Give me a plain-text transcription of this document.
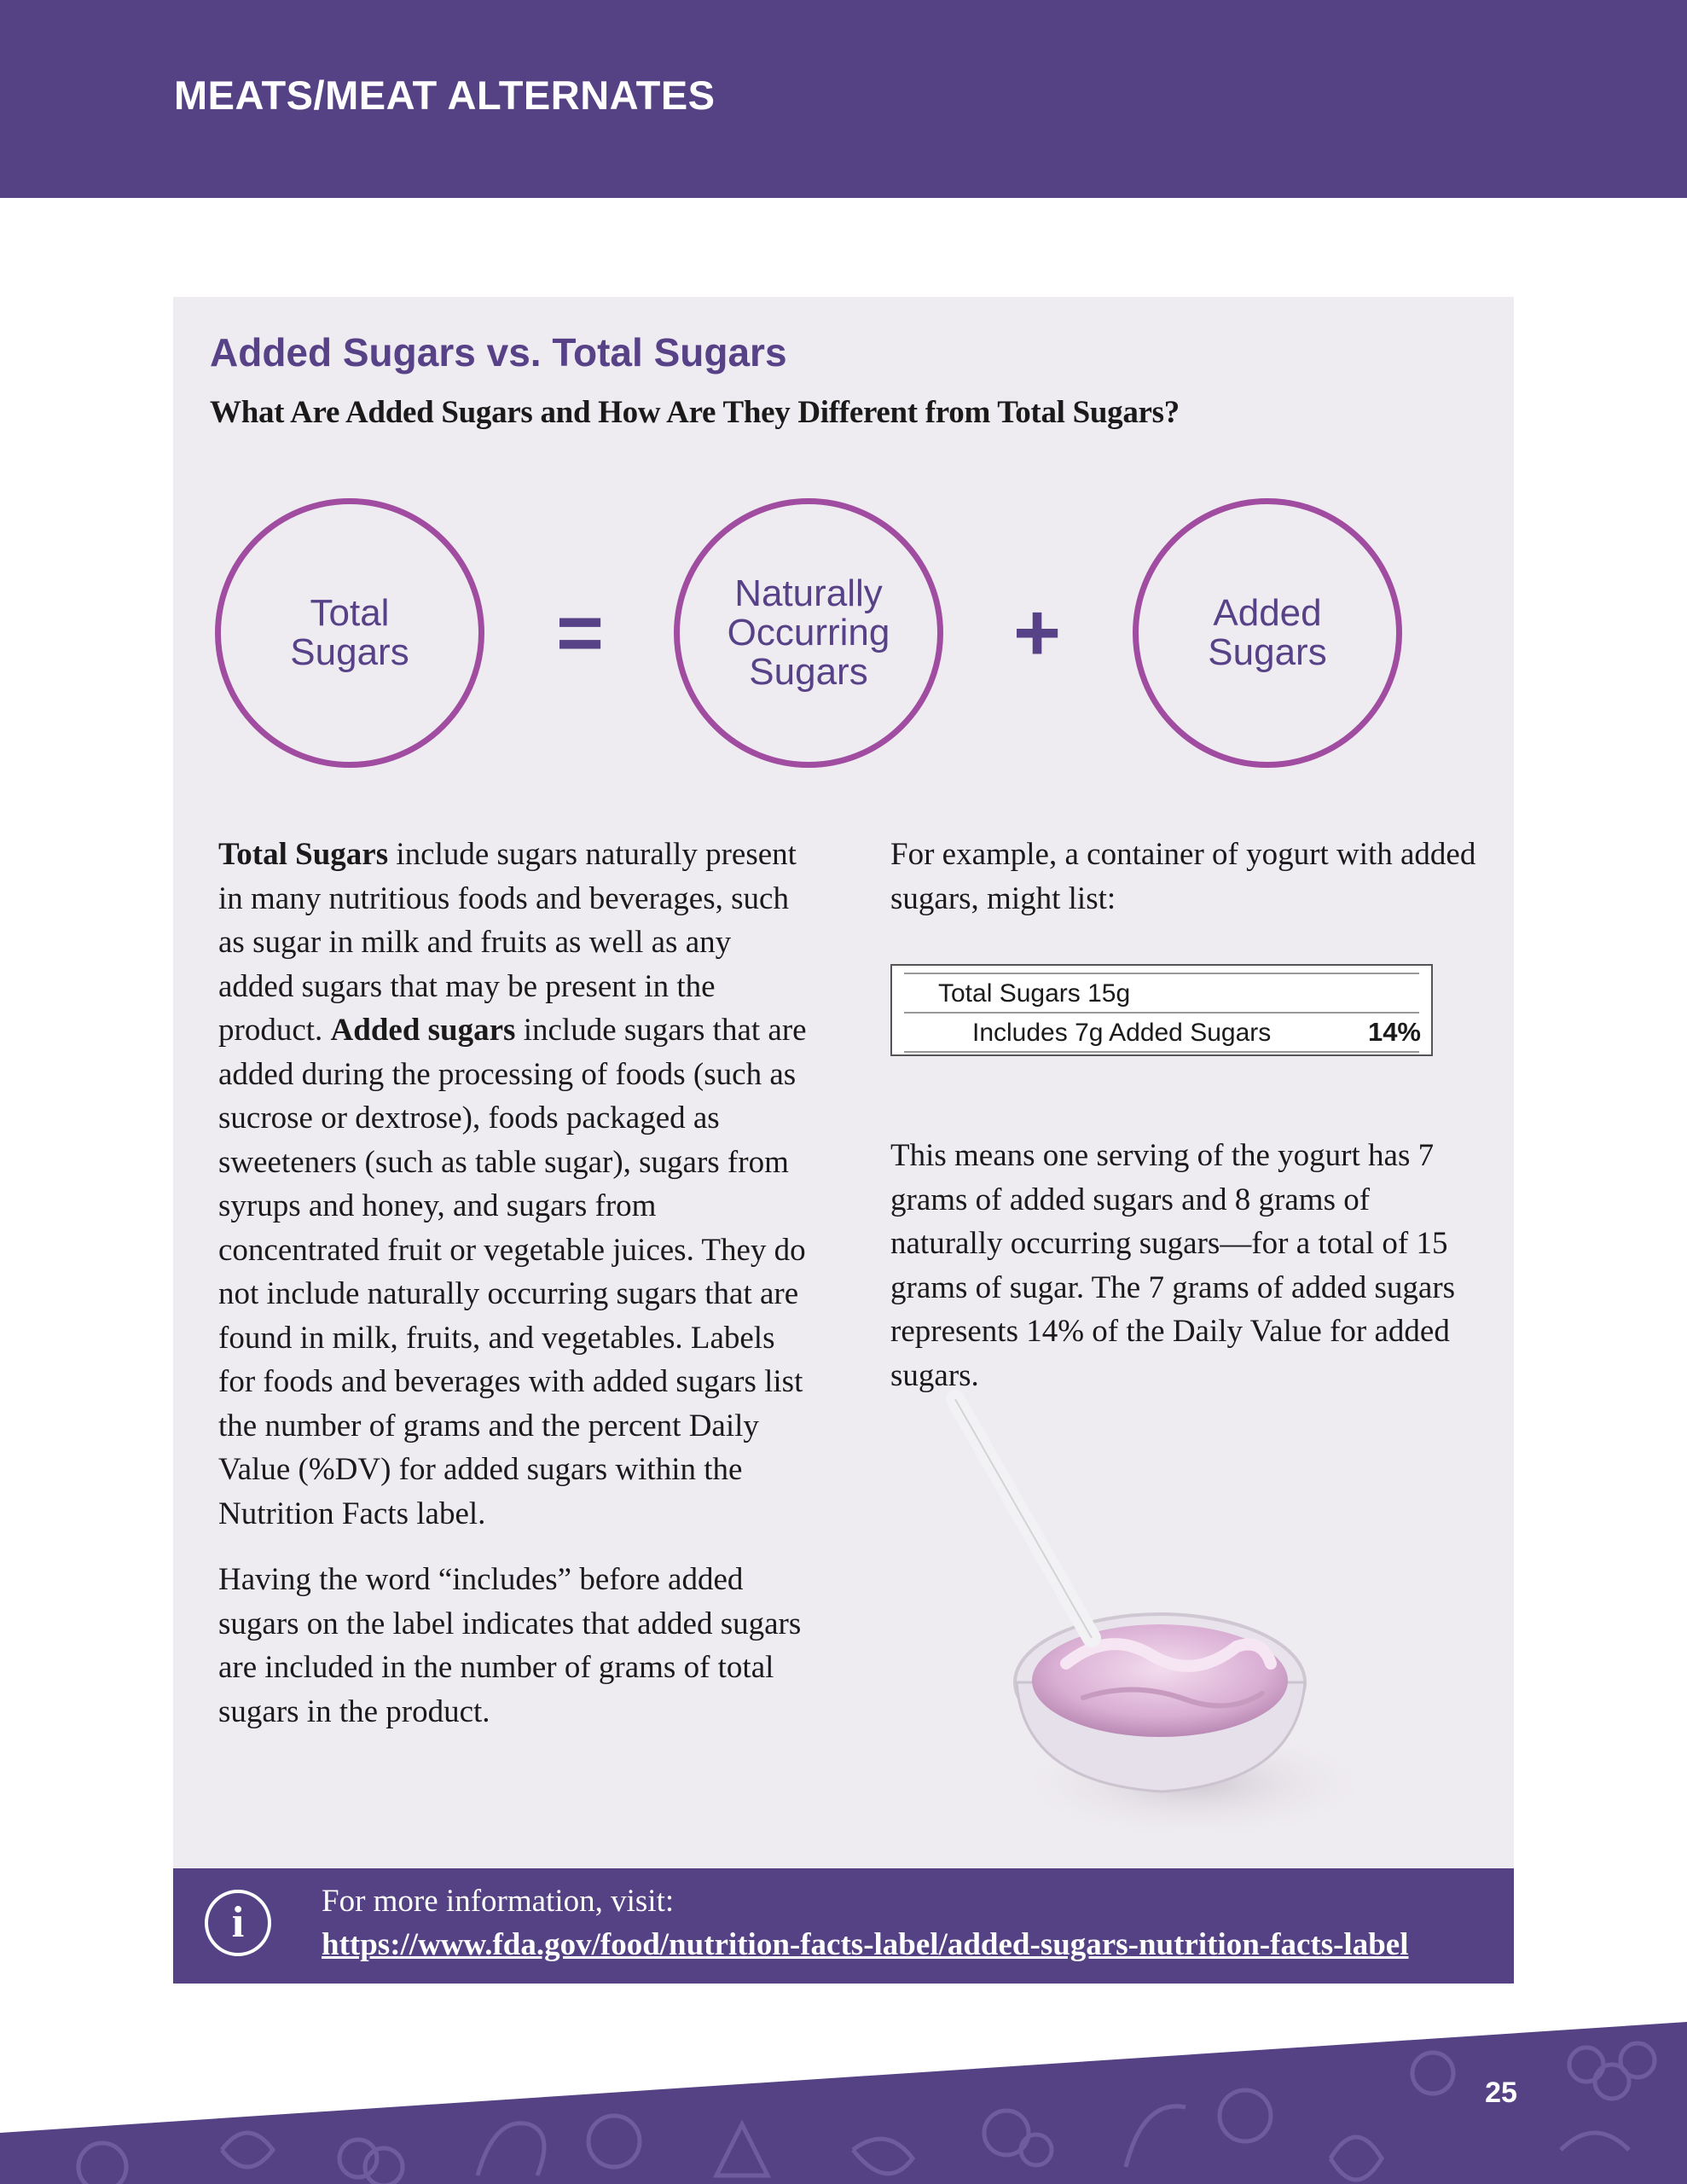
MEATS/MEAT ALTERNATES
Added Sugars vs. Total Sugars
What Are Added Sugars and How Are They Different from Total Sugars?
Total
Sugars =	Naturally
Occurring
Sugars +	Added
Sugars

Total Sugars include sugars naturally present in many nutritious foods and beverages, such as sugar in milk and fruits as well as any added sugars that may be present in the product. Added sugars include sugars that are added during the processing of foods (such as sucrose or dextrose), foods packaged as sweeteners (such as table sugar), sugars from syrups and honey, and sugars from concentrated fruit or vegetable juices. They do not include naturally occurring sugars that are found in milk, fruits, and vegetables. Labels for foods and beverages with added sugars list the number of grams and the percent Daily Value (%DV) for added sugars within the Nutrition Facts label.

Having the word “includes” before added sugars on the label indicates that added sugars are included in the number of grams of total sugars in the product.

For example, a container of yogurt with added sugars, might list:

Total Sugars 15g
Includes 7g Added Sugars	14%

This means one serving of the yogurt has 7 grams of added sugars and 8 grams of naturally occurring sugars—for a total of 15 grams of sugar. The 7 grams of added sugars represents 14% of the Daily Value for added sugars.

i	For more information, visit:
https://www.fda.gov/food/nutrition-facts-label/added-sugars-nutrition-facts-label
25
